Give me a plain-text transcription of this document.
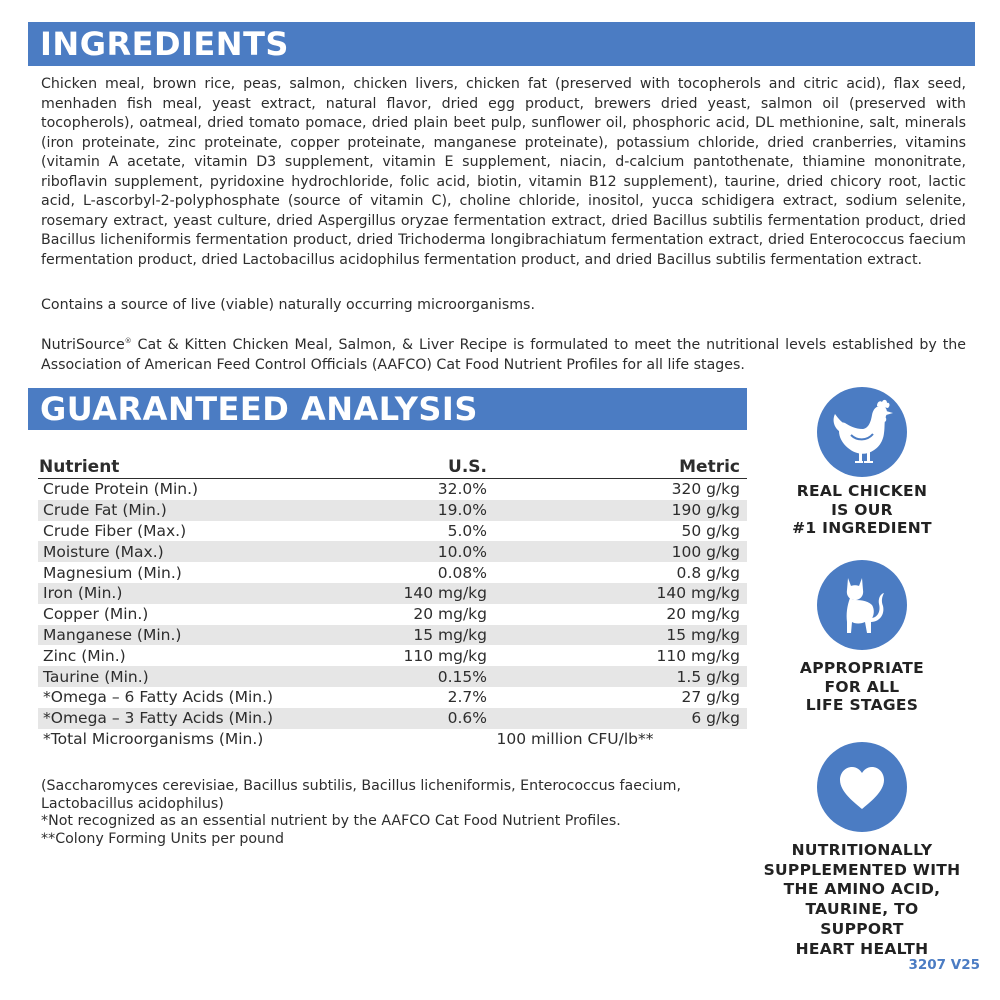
INGREDIENTS

Chicken meal, brown rice, peas, salmon, chicken livers, chicken fat (preserved with tocopherols and citric acid), flax seed, menhaden fish meal, yeast extract, natural flavor, dried egg product, brewers dried yeast, salmon oil (preserved with tocopherols), oatmeal, dried tomato pomace, dried plain beet pulp, sunflower oil, phosphoric acid, DL methionine, salt, minerals (iron proteinate, zinc proteinate, copper proteinate, manganese proteinate), potassium chloride, dried cranberries, vitamins (vitamin A acetate, vitamin D3 supplement, vitamin E supplement, niacin, d-calcium pantothenate, thiamine mononitrate, riboflavin supplement, pyridoxine hydrochloride, folic acid, biotin, vitamin B12 supplement), taurine, dried chicory root, lactic acid, L-ascorbyl-2-polyphosphate (source of vitamin C), choline chloride, inositol, yucca schidigera extract, sodium selenite, rosemary extract, yeast culture, dried Aspergillus oryzae fermentation extract, dried Bacillus subtilis fermentation product, dried Bacillus licheniformis fermentation product, dried Trichoderma longibrachiatum fermentation extract, dried Enterococcus faecium fermentation product, dried Lactobacillus acidophilus fermentation product, and dried Bacillus subtilis fermentation extract.

Contains a source of live (viable) naturally occurring microorganisms.

NutriSource® Cat & Kitten Chicken Meal, Salmon, & Liver Recipe is formulated to meet the nutritional levels established by the Association of American Feed Control Officials (AAFCO) Cat Food Nutrient Profiles for all life stages.

GUARANTEED ANALYSIS
Nutrient	U.S.	Metric
Crude Protein (Min.)	32.0%	320 g/kg
Crude Fat (Min.)	19.0%	190 g/kg
Crude Fiber (Max.)	5.0%	50 g/kg
Moisture (Max.)	10.0%	100 g/kg
Magnesium (Min.)	0.08%	0.8 g/kg
Iron (Min.)	140 mg/kg	140 mg/kg
Copper (Min.)	20 mg/kg	20 mg/kg
Manganese (Min.)	15 mg/kg	15 mg/kg
Zinc (Min.)	110 mg/kg	110 mg/kg
Taurine (Min.)	0.15%	1.5 g/kg
*Omega – 6 Fatty Acids (Min.)	2.7%	27 g/kg
*Omega – 3 Fatty Acids (Min.)	0.6%	6 g/kg
*Total Microorganisms (Min.)	100 million CFU/lb**

(Saccharomyces cerevisiae, Bacillus subtilis, Bacillus licheniformis, Enterococcus faecium, Lactobacillus acidophilus)

*Not recognized as an essential nutrient by the AAFCO Cat Food Nutrient Profiles.

**Colony Forming Units per pound

REAL CHICKEN
IS OUR
#1 INGREDIENT

APPROPRIATE
FOR ALL
LIFE STAGES

NUTRITIONALLY
SUPPLEMENTED WITH
THE AMINO ACID,
TAURINE, TO SUPPORT
HEART HEALTH

3207 V25
